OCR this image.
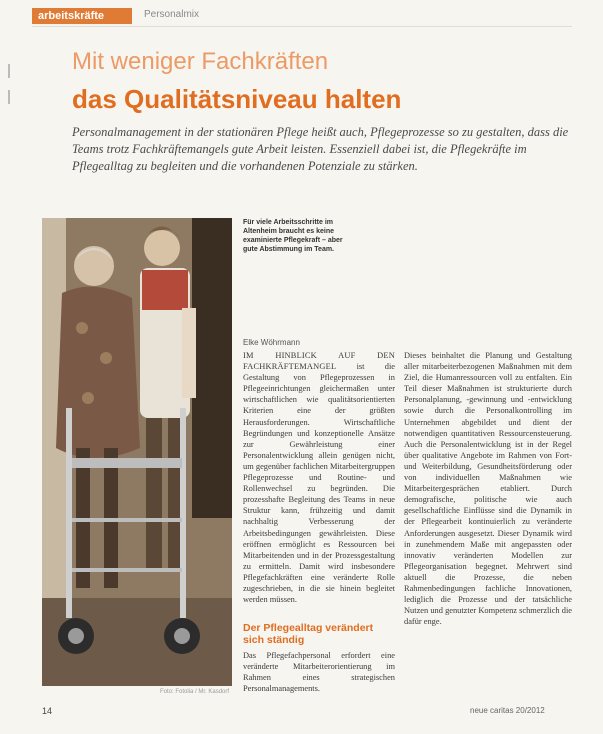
arbeitskräfte	Personalmix
Mit weniger Fachkräften
das Qualitätsniveau halten
Personalmanagement in der stationären Pflege heißt auch, Pflegeprozesse so zu gestalten, dass die Teams trotz Fachkräftemangels gute Arbeit leisten. Essenziell dabei ist, die Pflegekräfte im Pflegealltag zu begleiten und die vorhandenen Potenziale zu stärken.
Foto: Fotolia / Mr. Kasdorf
Für viele Arbeitsschritte im Altenheim braucht es keine examinierte Pflegekraft – aber gute Abstimmung im Team.
Elke Wöhrmann
IM HINBLICK AUF DEN FACHKRÄFTEMANGEL ist die Gestaltung von Pflegeprozessen in Pflegeeinrichtungen gleichermaßen unter wirtschaftlichen wie qualitätsorientierten Kriterien eine der größten Herausforderungen. Wirtschaftliche Begründungen und konzeptionelle Ansätze zur Gewährleistung einer Personalentwicklung allein genügen nicht, um gegenüber fachlichen Mitarbeitergruppen Pflegeprozesse und Routine- und Rollenwechsel zu begründen. Die prozesshafte Begleitung des Teams in neue Struktur kann, frühzeitig und damit nachhaltig Verbesserung der Arbeitsbedingungen gewährleisten. Diese eröffnen ermöglicht es Ressourcen bei Mitarbeitenden und in der Prozessgestaltung zu ermitteln. Damit wird insbesondere Pflegefachkräften eine veränderte Rolle zugeschrieben, in die sie hinein begleitet werden müssen.
Der Pflegealltag verändert sich ständig
Das Pflegefachpersonal erfordert eine veränderte Mitarbeiterorientierung im Rahmen eines strategischen Personalmanagements.
Dieses beinhaltet die Planung und Gestaltung aller mitarbeiterbezogenen Maßnahmen mit dem Ziel, die Humanressourcen voll zu entfalten. Ein Teil dieser Maßnahmen ist strukturierte durch Personalplanung, -gewinnung und -entwicklung sowie durch die Personalkontrolling im Unternehmen abgebildet und dient der notwendigen quantitativen Ressourcensteuerung. Auch die Personalentwicklung ist in der Regel über qualitative Angebote im Rahmen von Fort- und Weiterbildung, Gesundheitsförderung oder von individuellen Maßnahmen wie Mitarbeitergesprächen etabliert. Durch demografische, politische wie auch gesellschaftliche Einflüsse sind die Dynamik in der Pflegearbeit kontinuierlich zu veränderte Anforderungen ausgesetzt. Dieser Dynamik wird in zunehmendem Maße mit angepassten oder innovativ veränderten Modellen zur Pflegeorganisation begegnet. Mehrwert sind aktuell die Prozesse, die neben Rahmenbedingungen fachliche Innovationen, lediglich die Prozesse und der tatsächliche Nutzen und genutzter Kompetenz schmerzlich die dafür enge.
14	neue caritas 20/2012
